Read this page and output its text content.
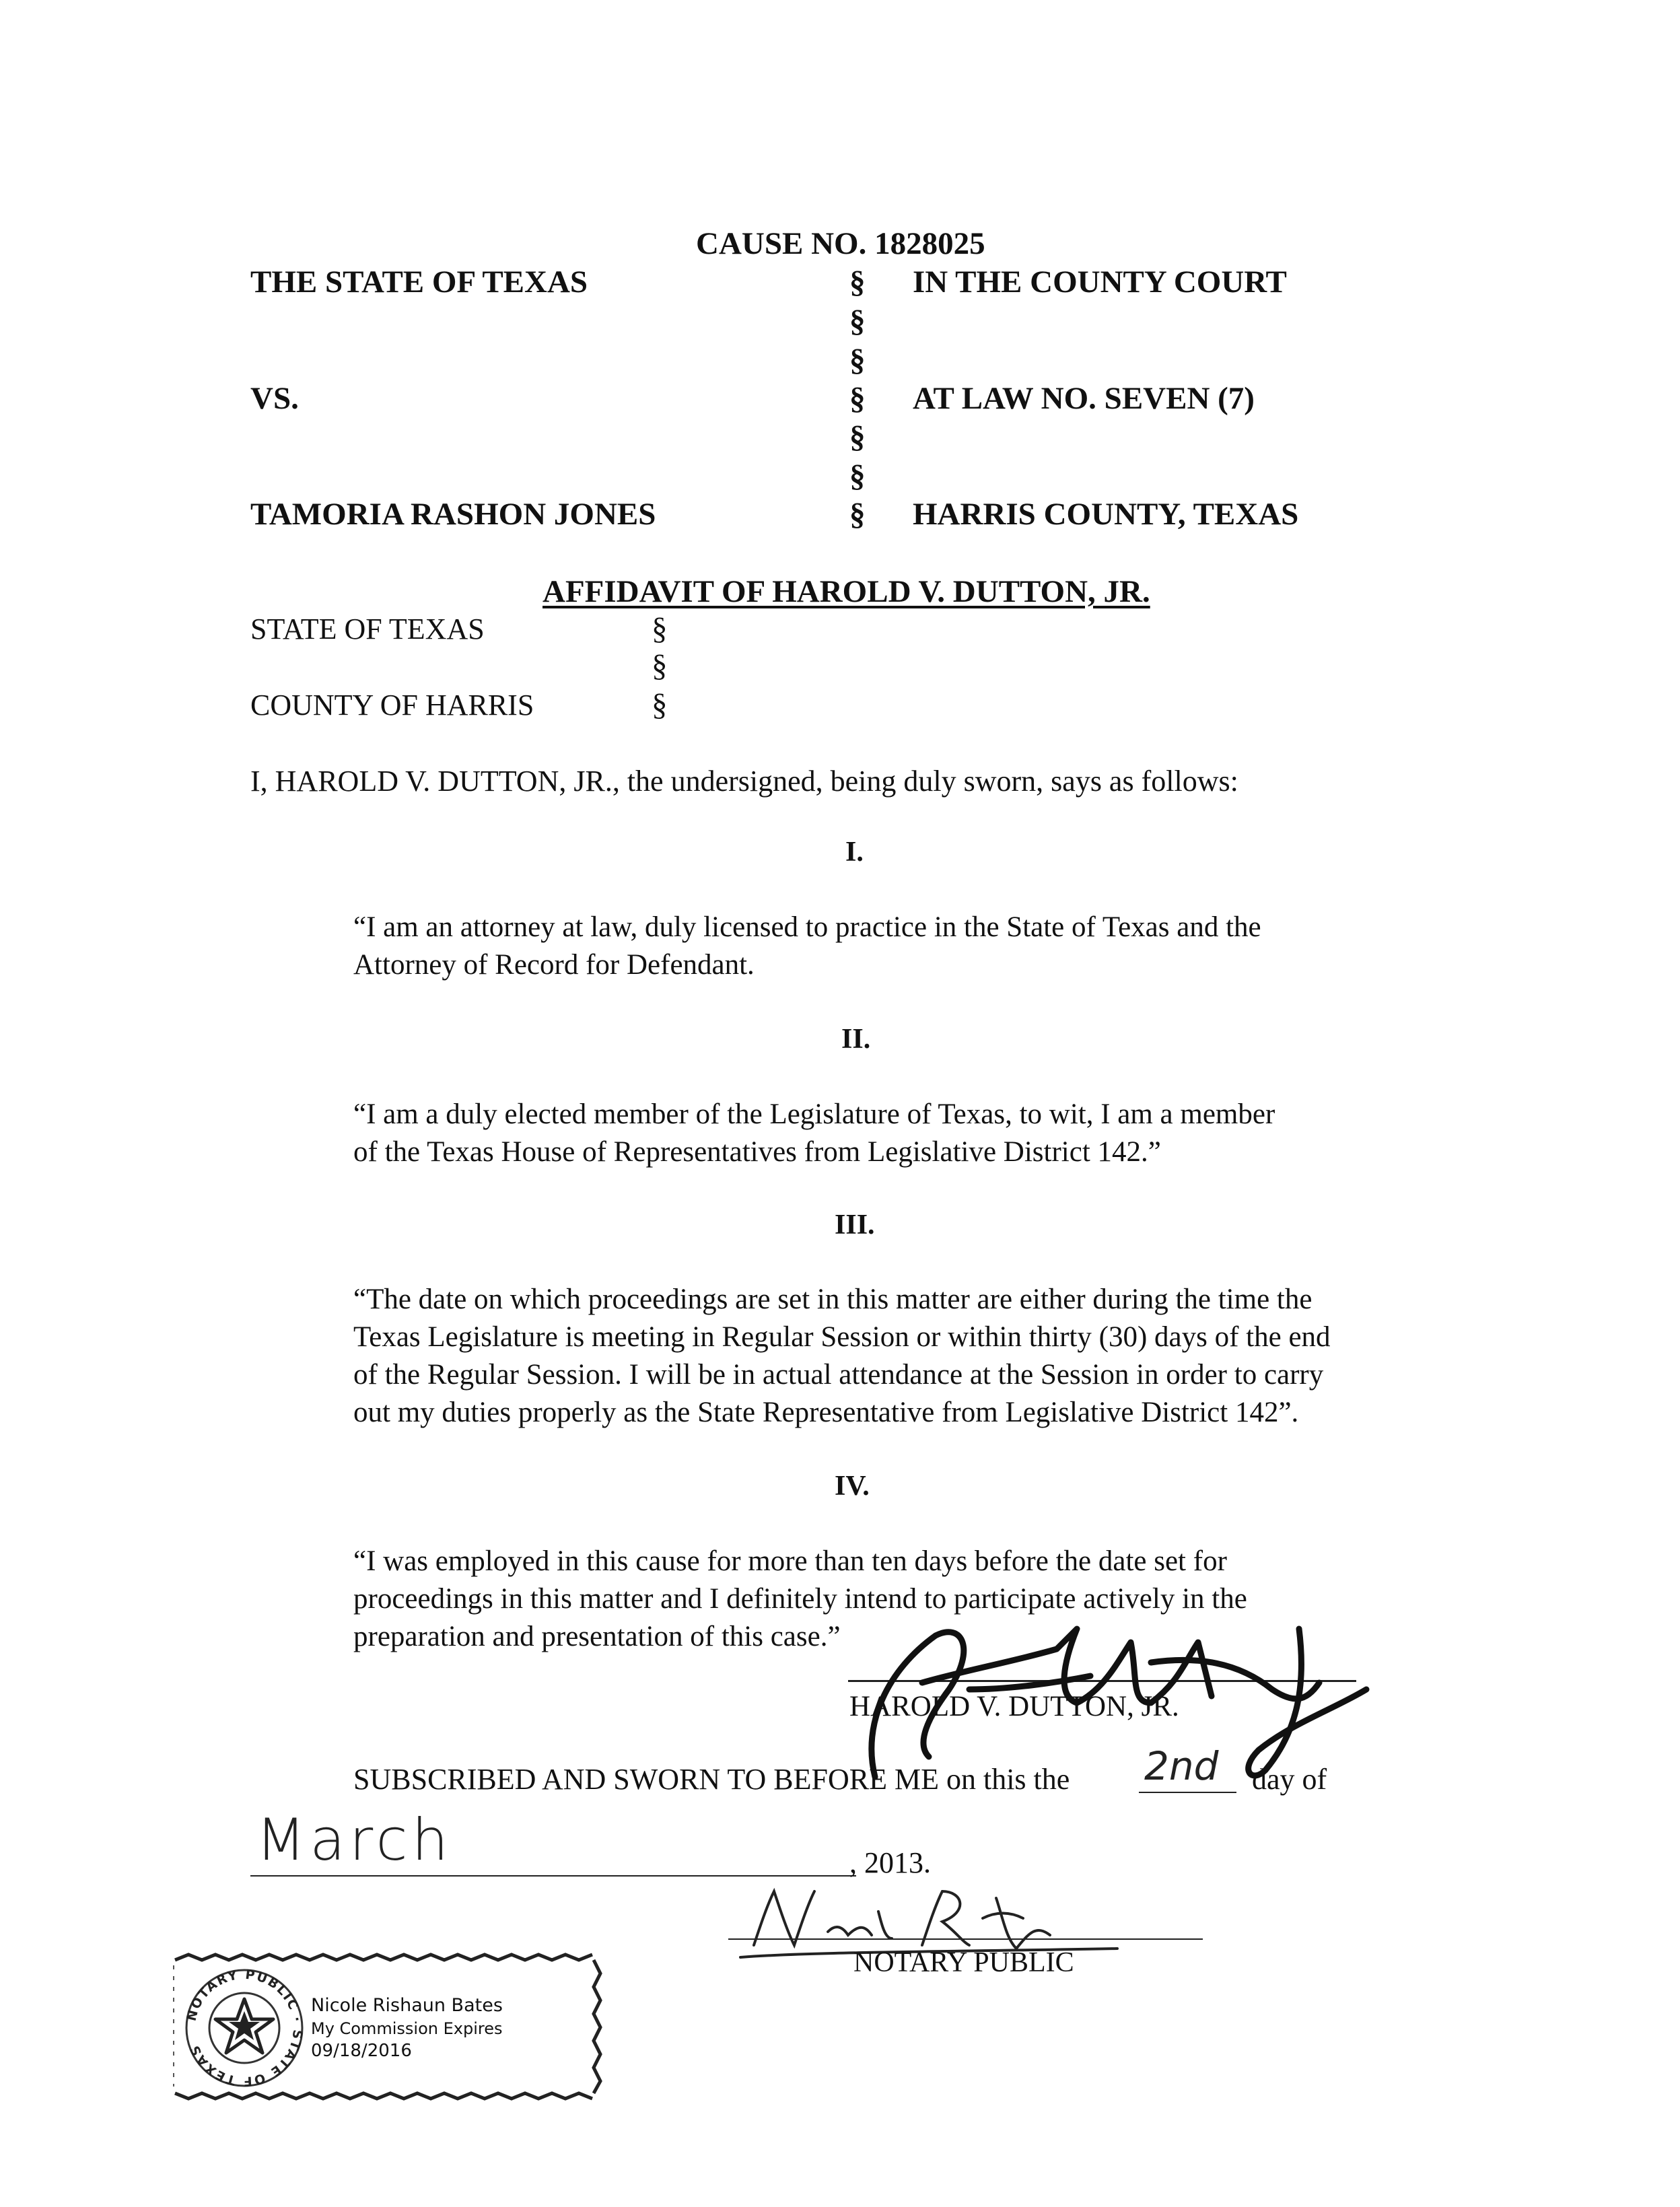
CAUSE NO. 1828025
THE STATE OF TEXAS
VS.
TAMORIA RASHON JONES
IN THE COUNTY COURT
AT LAW NO. SEVEN (7)
HARRIS COUNTY, TEXAS
§
§
§
§
§
§
§
AFFIDAVIT OF HAROLD V. DUTTON, JR.
STATE OF TEXAS
COUNTY OF HARRIS
§
§
§
I, HAROLD V. DUTTON, JR., the undersigned, being duly sworn, says as follows:
I.
“I am an attorney at law, duly licensed to practice in the State of Texas and the
Attorney of Record for Defendant.
II.
“I am a duly elected member of the Legislature of Texas, to wit, I am a member
of the Texas House of Representatives from Legislative District 142.”
III.
“The date on which proceedings are set in this matter are either during the time the
Texas Legislature is meeting in Regular Session or within thirty (30) days of the end
of the Regular Session. I will be in actual attendance at the Session in order to carry
out my duties properly as the State Representative from Legislative District 142”.
IV.
“I was employed in this cause for more than ten days before the date set for
proceedings in this matter and I definitely intend to participate actively in the
preparation and presentation of this case.”
HAROLD V. DUTTON, JR.
SUBSCRIBED AND SWORN TO BEFORE ME on this the 2nd day of
March	, 2013.
NOTARY PUBLIC
NOTARY PUBLIC · STATE OF TEXAS
Nicole Rishaun Bates
My Commission Expires
09/18/2016
